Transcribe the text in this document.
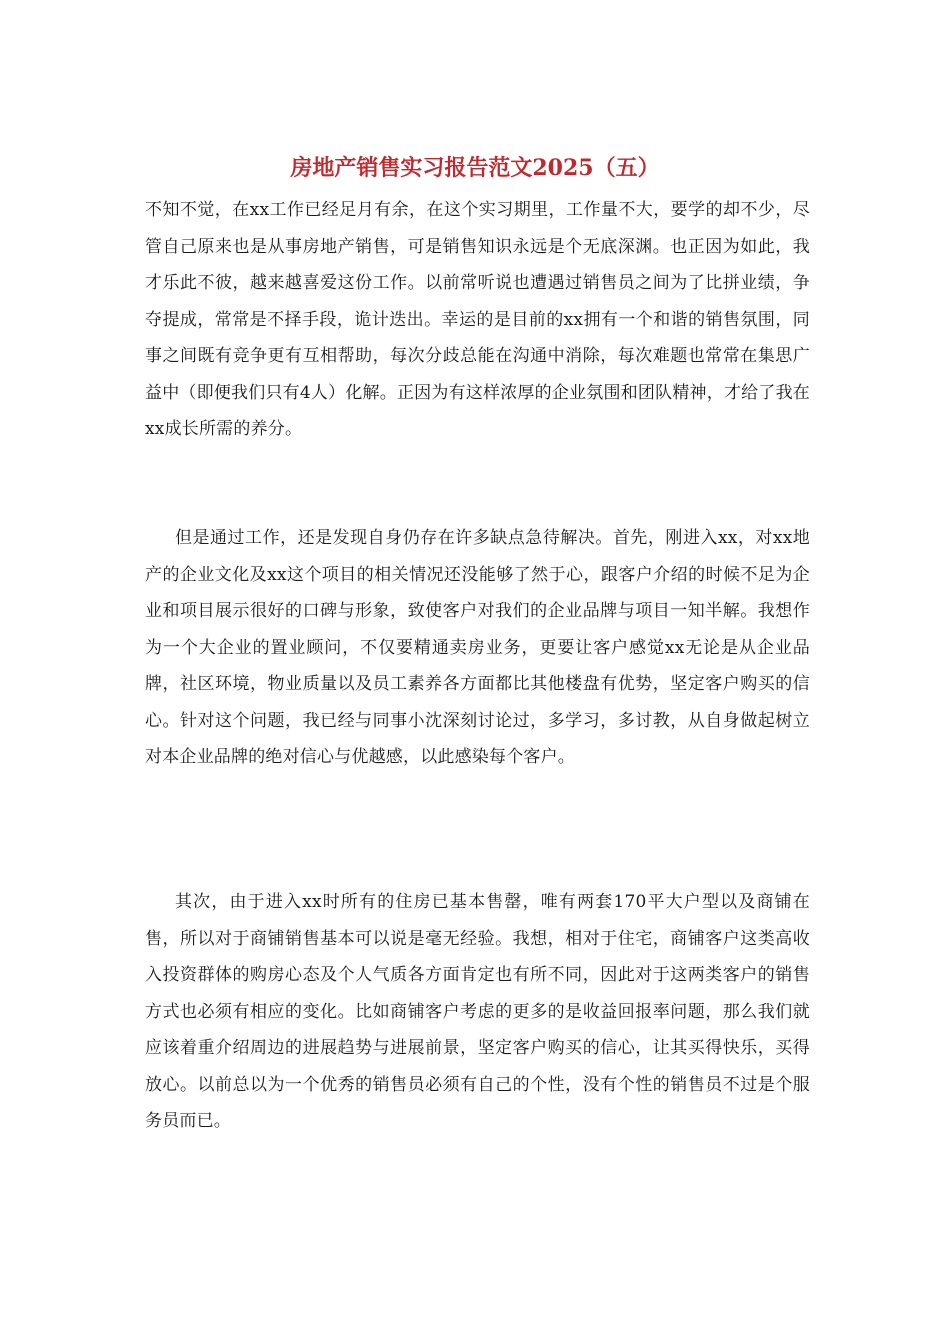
房地产销售实习报告范文2025（五）

不知不觉，在xx工作已经足月有余，在这个实习期里，工作量不大，要学的却不少，尽管自己原来也是从事房地产销售，可是销售知识永远是个无底深渊。也正因为如此，我才乐此不彼，越来越喜爱这份工作。以前常听说也遭遇过销售员之间为了比拼业绩，争夺提成，常常是不择手段，诡计迭出。幸运的是目前的xx拥有一个和谐的销售氛围，同事之间既有竞争更有互相帮助，每次分歧总能在沟通中消除，每次难题也常常在集思广益中（即便我们只有4人）化解。正因为有这样浓厚的企业氛围和团队精神，才给了我在xx成长所需的养分。

但是通过工作，还是发现自身仍存在许多缺点急待解决。首先，刚进入xx，对xx地产的企业文化及xx这个项目的相关情况还没能够了然于心，跟客户介绍的时候不足为企业和项目展示很好的口碑与形象，致使客户对我们的企业品牌与项目一知半解。我想作为一个大企业的置业顾问，不仅要精通卖房业务，更要让客户感觉xx无论是从企业品牌，社区环境，物业质量以及员工素养各方面都比其他楼盘有优势，坚定客户购买的信心。针对这个问题，我已经与同事小沈深刻讨论过，多学习，多讨教，从自身做起树立对本企业品牌的绝对信心与优越感，以此感染每个客户。

其次，由于进入xx时所有的住房已基本售罄，唯有两套170平大户型以及商铺在售，所以对于商铺销售基本可以说是毫无经验。我想，相对于住宅，商铺客户这类高收入投资群体的购房心态及个人气质各方面肯定也有所不同，因此对于这两类客户的销售方式也必须有相应的变化。比如商铺客户考虑的更多的是收益回报率问题，那么我们就应该着重介绍周边的进展趋势与进展前景，坚定客户购买的信心，让其买得快乐，买得放心。以前总以为一个优秀的销售员必须有自己的个性，没有个性的销售员不过是个服务员而已。
